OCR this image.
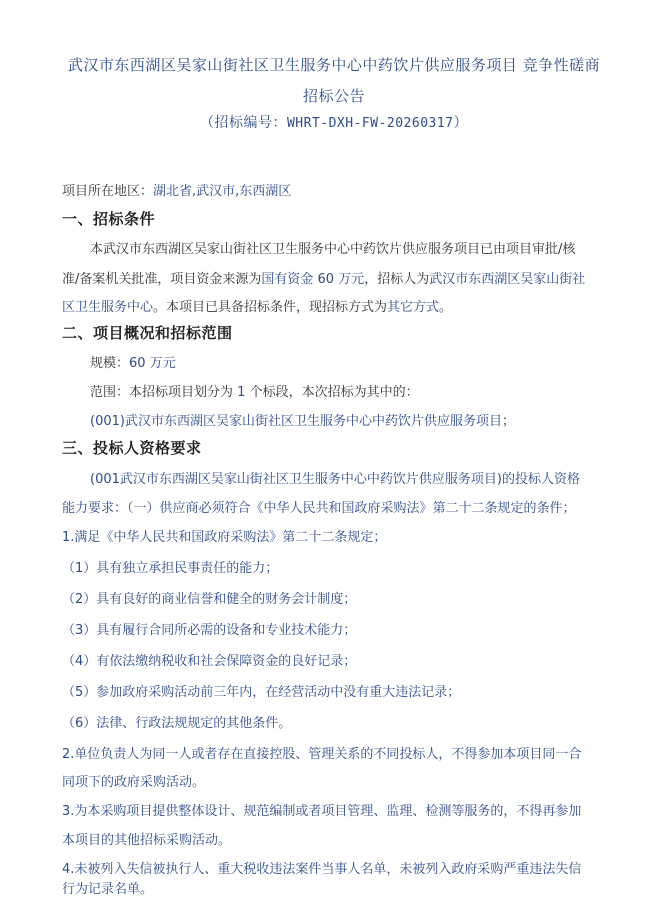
武汉市东西湖区吴家山街社区卫生服务中心中药饮片供应服务项目 竞争性磋商
招标公告
（招标编号：WHRT-DXH-FW-20260317）
项目所在地区：湖北省,武汉市,东西湖区
一、招标条件
本武汉市东西湖区吴家山街社区卫生服务中心中药饮片供应服务项目已由项目审批/核
准/备案机关批准，项目资金来源为国有资金 60 万元，招标人为武汉市东西湖区吴家山街社
区卫生服务中心。本项目已具备招标条件，现招标方式为其它方式。
二、项目概况和招标范围
规模：60 万元
范围：本招标项目划分为 1 个标段，本次招标为其中的：
(001)武汉市东西湖区吴家山街社区卫生服务中心中药饮片供应服务项目；
三、投标人资格要求
(001武汉市东西湖区吴家山街社区卫生服务中心中药饮片供应服务项目)的投标人资格
能力要求：（一）供应商必须符合《中华人民共和国政府采购法》第二十二条规定的条件；
1.满足《中华人民共和国政府采购法》第二十二条规定；
（1）具有独立承担民事责任的能力；
（2）具有良好的商业信誉和健全的财务会计制度；
（3）具有履行合同所必需的设备和专业技术能力；
（4）有依法缴纳税收和社会保障资金的良好记录；
（5）参加政府采购活动前三年内，在经营活动中没有重大违法记录；
（6）法律、行政法规规定的其他条件。
2.单位负责人为同一人或者存在直接控股、管理关系的不同投标人，不得参加本项目同一合
同项下的政府采购活动。
3.为本采购项目提供整体设计、规范编制或者项目管理、监理、检测等服务的，不得再参加
本项目的其他招标采购活动。
4.未被列入失信被执行人、重大税收违法案件当事人名单，未被列入政府采购严重违法失信
行为记录名单。
